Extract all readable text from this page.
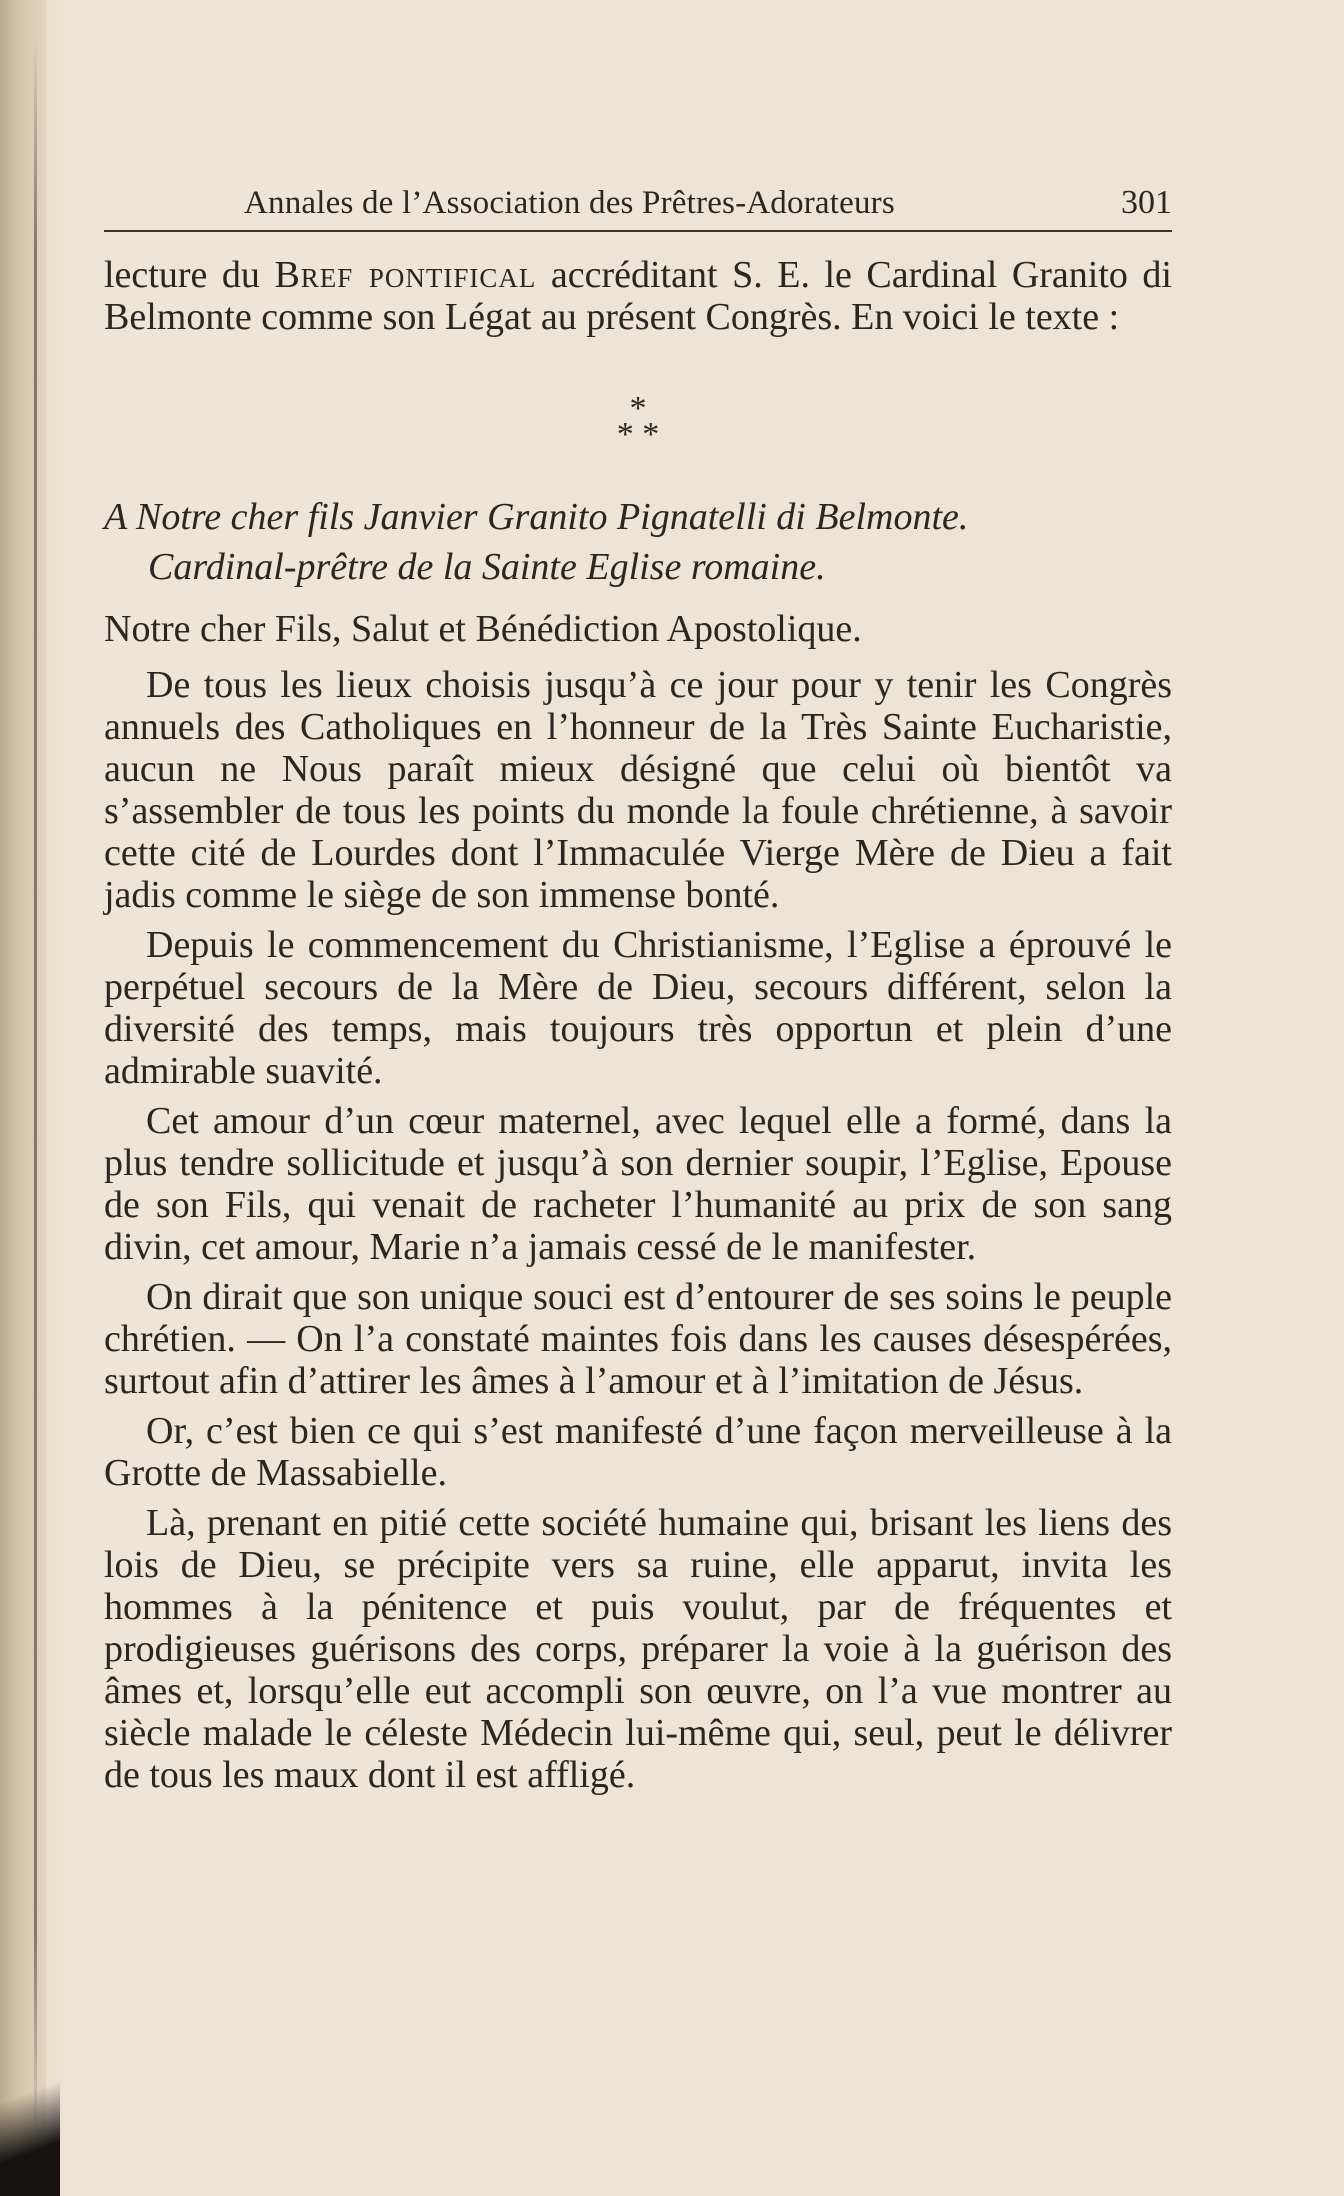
Annales de l’Association des Prêtres-Adorateurs	301

lecture du Bref pontifical accréditant S. E. le Cardinal Granito di Belmonte comme son Légat au présent Congrès. En voici le texte :

*
* *
A Notre cher fils Janvier Granito Pignatelli di Belmonte.
Cardinal-prêtre de la Sainte Eglise romaine.

Notre cher Fils, Salut et Bénédiction Apostolique.

De tous les lieux choisis jusqu’à ce jour pour y tenir les Congrès annuels des Catholiques en l’honneur de la Très Sainte Eucharistie, aucun ne Nous paraît mieux désigné que celui où bientôt va s’assembler de tous les points du monde la foule chrétienne, à savoir cette cité de Lourdes dont l’Immaculée Vierge Mère de Dieu a fait jadis comme le siège de son immense bonté.

Depuis le commencement du Christianisme, l’Eglise a éprouvé le perpétuel secours de la Mère de Dieu, secours différent, selon la diversité des temps, mais toujours très opportun et plein d’une admirable suavité.

Cet amour d’un cœur maternel, avec lequel elle a formé, dans la plus tendre sollicitude et jusqu’à son dernier soupir, l’Eglise, Epouse de son Fils, qui venait de racheter l’humanité au prix de son sang divin, cet amour, Marie n’a jamais cessé de le manifester.

On dirait que son unique souci est d’entourer de ses soins le peuple chrétien. — On l’a constaté maintes fois dans les causes désespérées, surtout afin d’attirer les âmes à l’amour et à l’imitation de Jésus.

Or, c’est bien ce qui s’est manifesté d’une façon merveilleuse à la Grotte de Massabielle.

Là, prenant en pitié cette société humaine qui, brisant les liens des lois de Dieu, se précipite vers sa ruine, elle apparut, invita les hommes à la pénitence et puis voulut, par de fréquentes et prodigieuses guérisons des corps, préparer la voie à la guérison des âmes et, lorsqu’elle eut accompli son œuvre, on l’a vue montrer au siècle malade le céleste Médecin lui-même qui, seul, peut le délivrer de tous les maux dont il est affligé.
